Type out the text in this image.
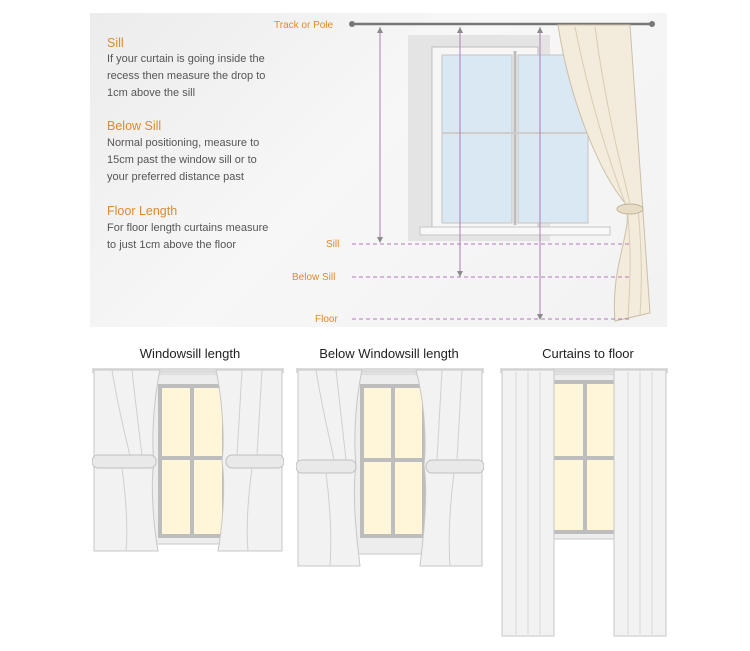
Track or Pole
Sill
If your curtain is going inside the
recess then measure the drop to
1cm above the sill
Below Sill
Normal positioning, measure to
15cm past the window sill or to
your preferred distance past
Floor Length
For floor length curtains measure
to just 1cm above the floor	Sill
Below Sill
Floor
Windowsill length	Below Windowsill length	Curtains to floor
